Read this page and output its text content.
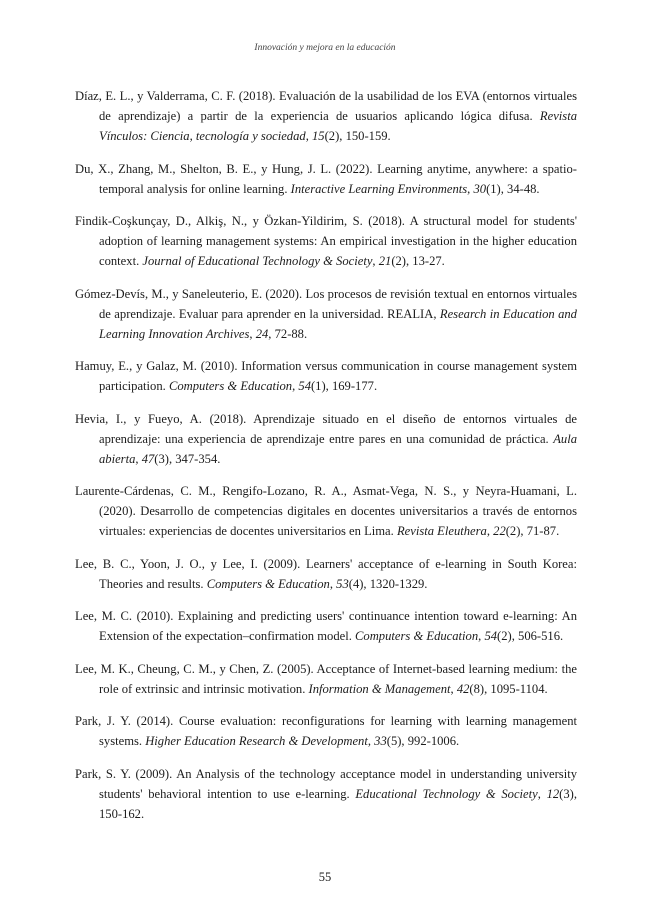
Innovación y mejora en la educación

Díaz, E. L., y Valderrama, C. F. (2018). Evaluación de la usabilidad de los EVA (entornos virtuales de aprendizaje) a partir de la experiencia de usuarios aplicando lógica difusa. Revista Vínculos: Ciencia, tecnología y sociedad, 15(2), 150-159.

Du, X., Zhang, M., Shelton, B. E., y Hung, J. L. (2022). Learning anytime, anywhere: a spatio-temporal analysis for online learning. Interactive Learning Environments, 30(1), 34-48.

Findik-Coşkunçay, D., Alkiş, N., y Özkan-Yildirim, S. (2018). A structural model for students' adoption of learning management systems: An empirical investigation in the higher education context. Journal of Educational Technology & Society, 21(2), 13-27.

Gómez-Devís, M., y Saneleuterio, E. (2020). Los procesos de revisión textual en entornos virtuales de aprendizaje. Evaluar para aprender en la universidad. REALIA, Research in Education and Learning Innovation Archives, 24, 72-88.

Hamuy, E., y Galaz, M. (2010). Information versus communication in course management system participation. Computers & Education, 54(1), 169-177.

Hevia, I., y Fueyo, A. (2018). Aprendizaje situado en el diseño de entornos virtuales de aprendizaje: una experiencia de aprendizaje entre pares en una comunidad de práctica. Aula abierta, 47(3), 347-354.

Laurente-Cárdenas, C. M., Rengifo-Lozano, R. A., Asmat-Vega, N. S., y Neyra-Huamani, L. (2020). Desarrollo de competencias digitales en docentes universitarios a través de entornos virtuales: experiencias de docentes universitarios en Lima. Revista Eleuthera, 22(2), 71-87.

Lee, B. C., Yoon, J. O., y Lee, I. (2009). Learners' acceptance of e-learning in South Korea: Theories and results. Computers & Education, 53(4), 1320-1329.

Lee, M. C. (2010). Explaining and predicting users' continuance intention toward e-learning: An Extension of the expectation–confirmation model. Computers & Education, 54(2), 506-516.

Lee, M. K., Cheung, C. M., y Chen, Z. (2005). Acceptance of Internet-based learning medium: the role of extrinsic and intrinsic motivation. Information & Management, 42(8), 1095-1104.

Park, J. Y. (2014). Course evaluation: reconfigurations for learning with learning management systems. Higher Education Research & Development, 33(5), 992-1006.

Park, S. Y. (2009). An Analysis of the technology acceptance model in understanding university students' behavioral intention to use e-learning. Educational Technology & Society, 12(3), 150-162.

55
